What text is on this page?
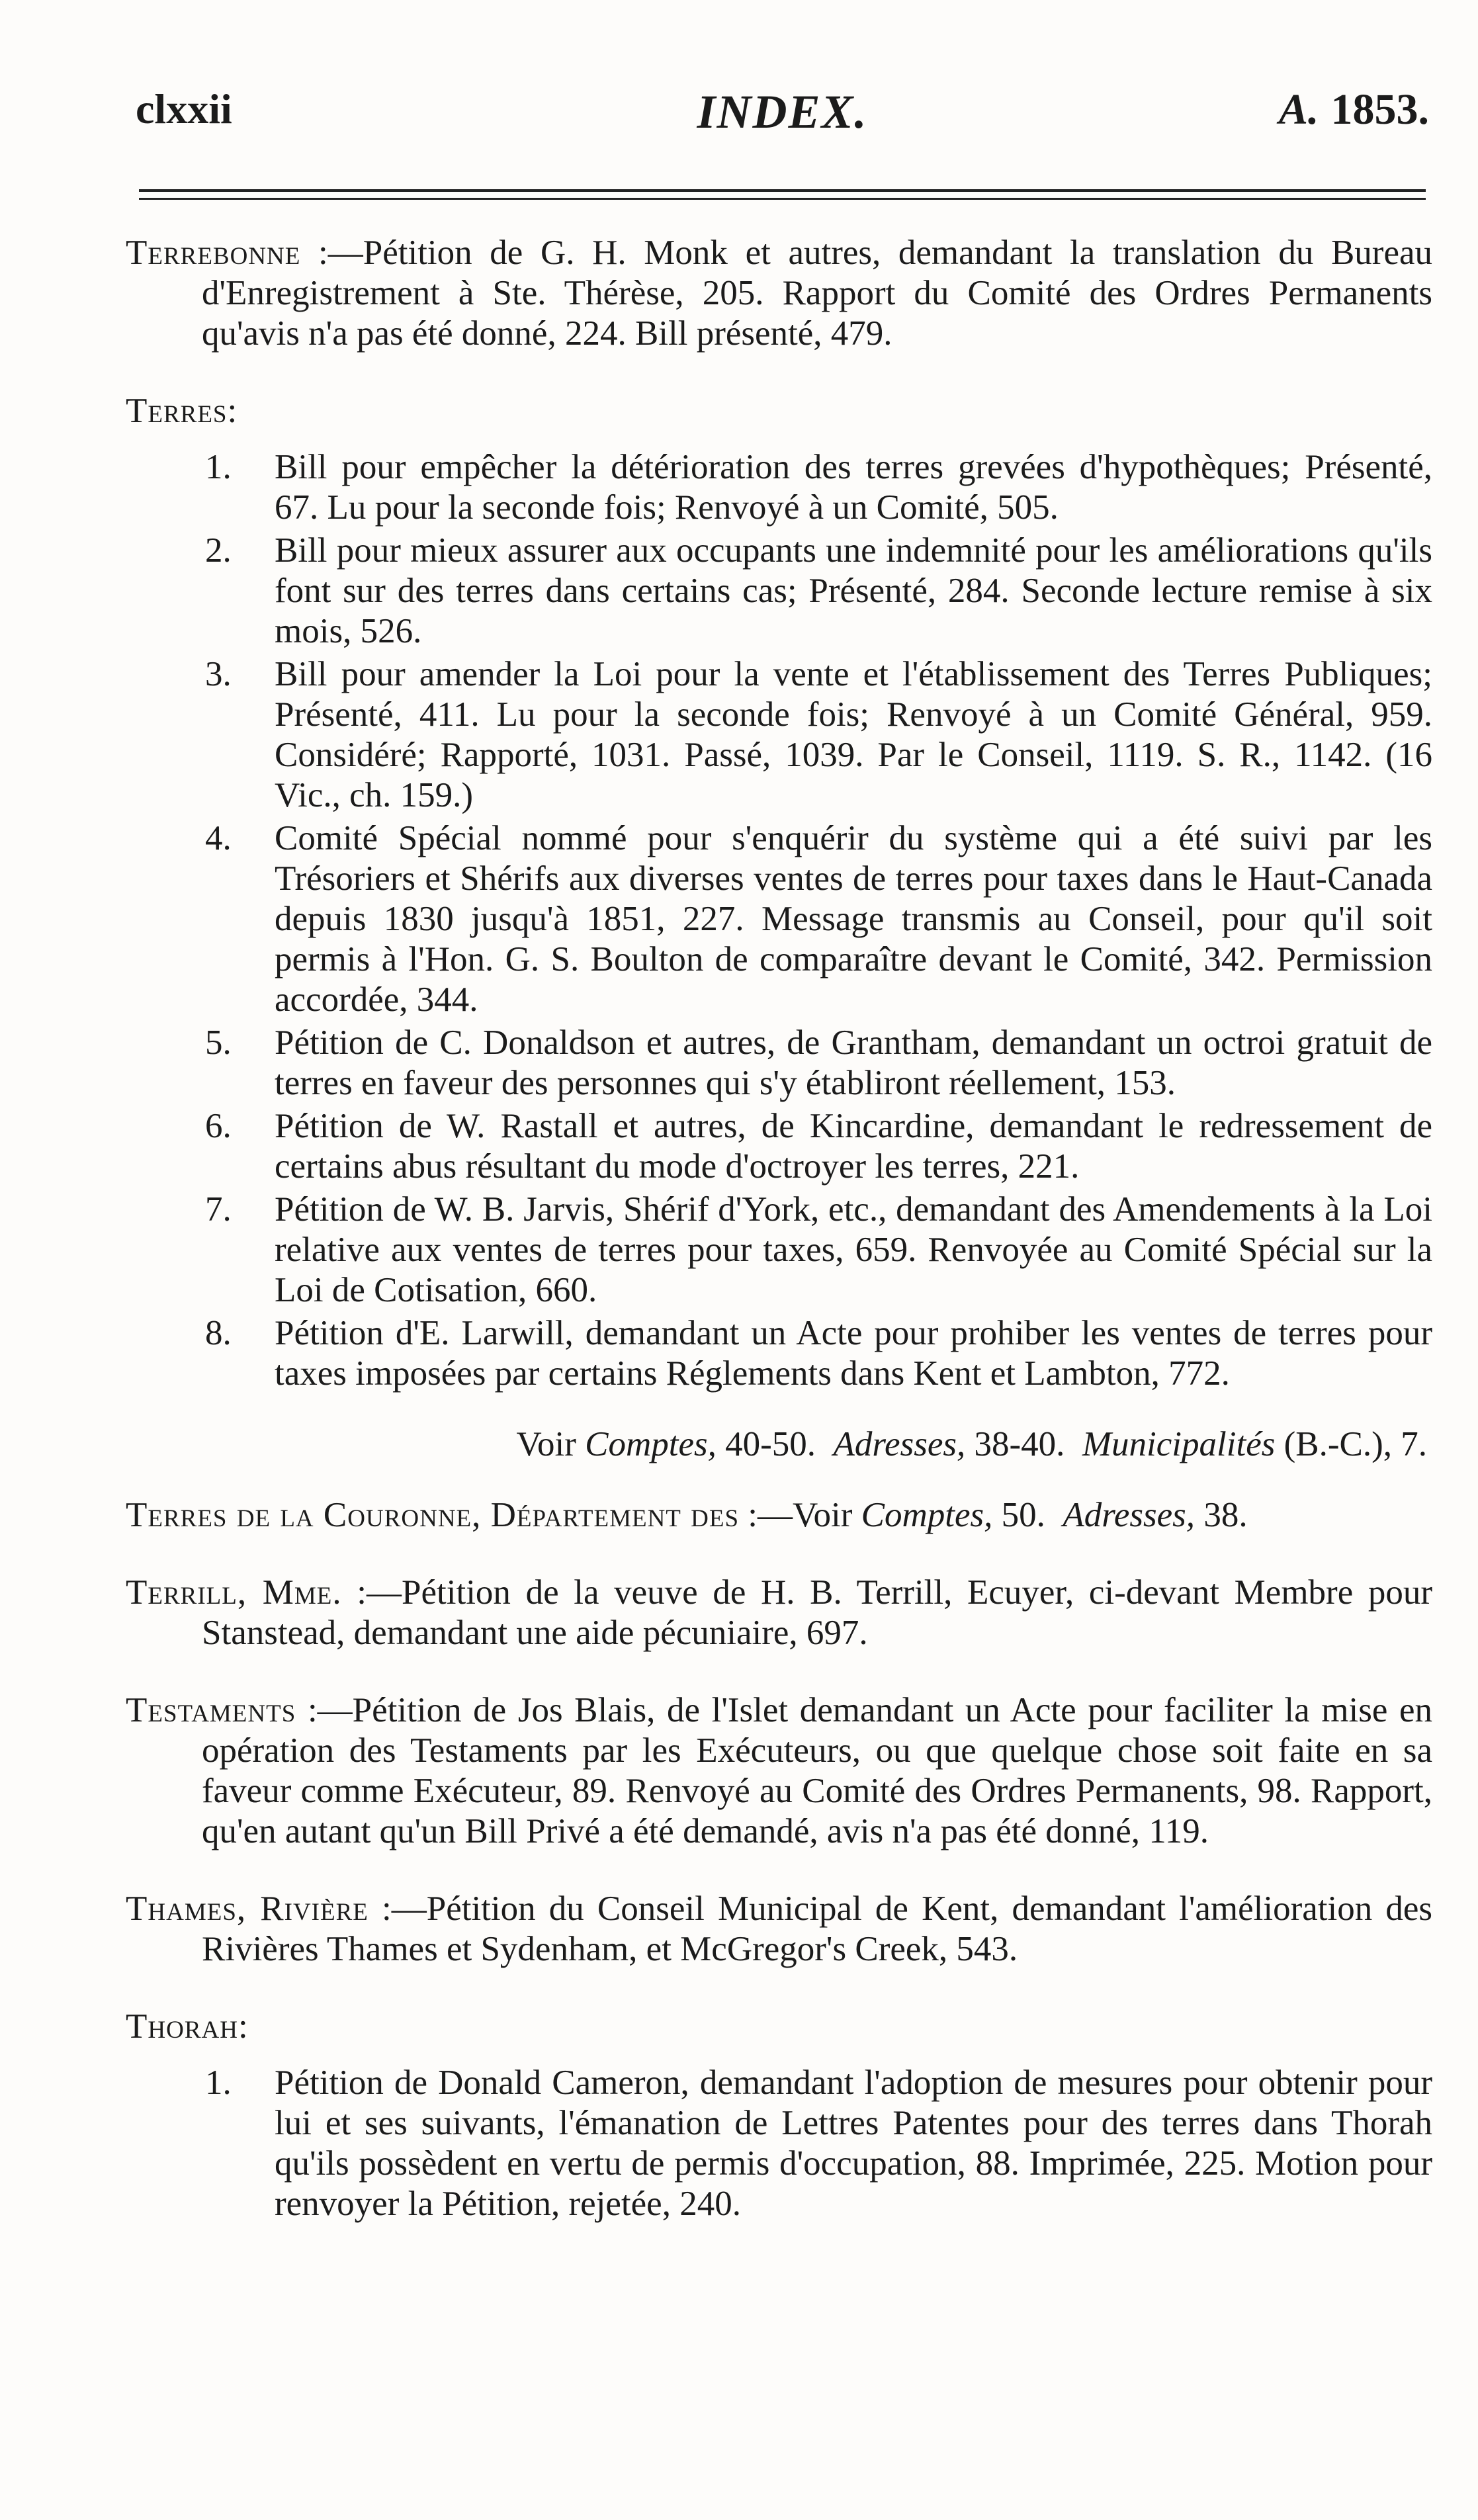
clxxii	INDEX.	A. 1853.

Terrebonne :—Pétition de G. H. Monk et autres, demandant la translation du Bureau d'Enregistrement à Ste. Thérèse, 205. Rapport du Comité des Ordres Permanents qu'avis n'a pas été donné, 224. Bill présenté, 479.

Terres:

1. Bill pour empêcher la détérioration des terres grevées d'hypothèques; Présenté, 67. Lu pour la seconde fois; Renvoyé à un Comité, 505.
2. Bill pour mieux assurer aux occupants une indemnité pour les améliorations qu'ils font sur des terres dans certains cas; Présenté, 284. Seconde lecture remise à six mois, 526.
3. Bill pour amender la Loi pour la vente et l'établissement des Terres Publiques; Présenté, 411. Lu pour la seconde fois; Renvoyé à un Comité Général, 959. Considéré; Rapporté, 1031. Passé, 1039. Par le Conseil, 1119. S. R., 1142. (16 Vic., ch. 159.)
4. Comité Spécial nommé pour s'enquérir du système qui a été suivi par les Trésoriers et Shérifs aux diverses ventes de terres pour taxes dans le Haut-Canada depuis 1830 jusqu'à 1851, 227. Message transmis au Conseil, pour qu'il soit permis à l'Hon. G. S. Boulton de comparaître devant le Comité, 342. Permission accordée, 344.
5. Pétition de C. Donaldson et autres, de Grantham, demandant un octroi gratuit de terres en faveur des personnes qui s'y établiront réellement, 153.
6. Pétition de W. Rastall et autres, de Kincardine, demandant le redressement de certains abus résultant du mode d'octroyer les terres, 221.
7. Pétition de W. B. Jarvis, Shérif d'York, etc., demandant des Amendements à la Loi relative aux ventes de terres pour taxes, 659. Renvoyée au Comité Spécial sur la Loi de Cotisation, 660.
8. Pétition d'E. Larwill, demandant un Acte pour prohiber les ventes de terres pour taxes imposées par certains Réglements dans Kent et Lambton, 772.

Voir Comptes, 40-50. Adresses, 38-40. Municipalités (B.-C.), 7.

Terres de la Couronne, Département des :—Voir Comptes, 50. Adresses, 38.

Terrill, Mme. :—Pétition de la veuve de H. B. Terrill, Ecuyer, ci-devant Membre pour Stanstead, demandant une aide pécuniaire, 697.

Testaments :—Pétition de Jos Blais, de l'Islet demandant un Acte pour faciliter la mise en opération des Testaments par les Exécuteurs, ou que quelque chose soit faite en sa faveur comme Exécuteur, 89. Renvoyé au Comité des Ordres Permanents, 98. Rapport, qu'en autant qu'un Bill Privé a été demandé, avis n'a pas été donné, 119.

Thames, Rivière :—Pétition du Conseil Municipal de Kent, demandant l'amélioration des Rivières Thames et Sydenham, et McGregor's Creek, 543.

Thorah:

1. Pétition de Donald Cameron, demandant l'adoption de mesures pour obtenir pour lui et ses suivants, l'émanation de Lettres Patentes pour des terres dans Thorah qu'ils possèdent en vertu de permis d'occupation, 88. Imprimée, 225. Motion pour renvoyer la Pétition, rejetée, 240.
